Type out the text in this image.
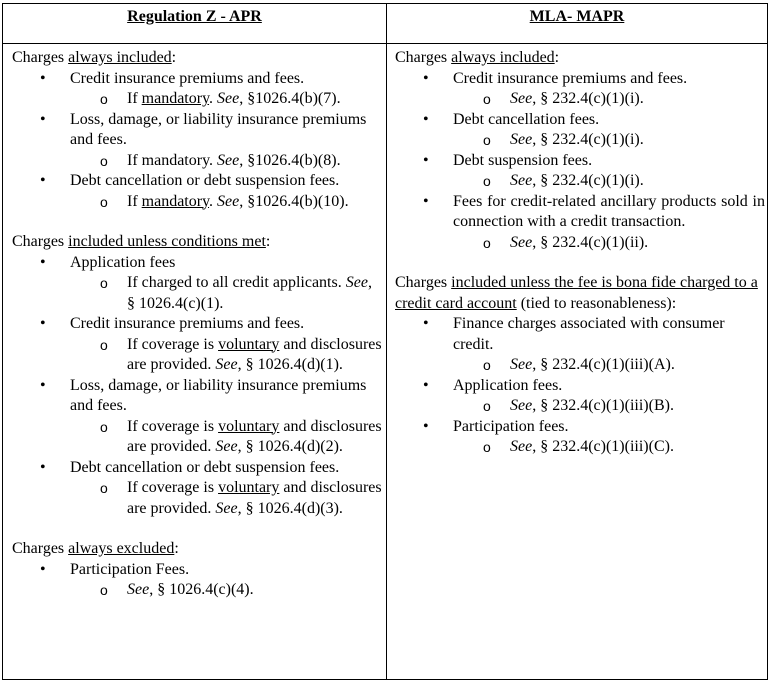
Regulation Z - APR	MLA- MAPR
Charges always included:
• Credit insurance premiums and fees.
o If mandatory. See, §1026.4(b)(7).
• Loss, damage, or liability insurance premiums and fees.
o If mandatory. See, §1026.4(b)(8).
• Debt cancellation or debt suspension fees.
o If mandatory. See, §1026.4(b)(10).
Charges included unless conditions met:
• Application fees
o If charged to all credit applicants. See, § 1026.4(c)(1).
• Credit insurance premiums and fees.
o If coverage is voluntary and disclosures are provided. See, § 1026.4(d)(1).
• Loss, damage, or liability insurance premiums and fees.
o If coverage is voluntary and disclosures are provided. See, § 1026.4(d)(2).
• Debt cancellation or debt suspension fees.
o If coverage is voluntary and disclosures are provided. See, § 1026.4(d)(3).
Charges always excluded:
• Participation Fees.
o See, § 1026.4(c)(4).
Charges always included:
• Credit insurance premiums and fees.
o See, § 232.4(c)(1)(i).
• Debt cancellation fees.
o See, § 232.4(c)(1)(i).
• Debt suspension fees.
o See, § 232.4(c)(1)(i).
• Fees for credit-related ancillary products sold in connection with a credit transaction.
o See, § 232.4(c)(1)(ii).
Charges included unless the fee is bona fide charged to a credit card account (tied to reasonableness):
• Finance charges associated with consumer credit.
o See, § 232.4(c)(1)(iii)(A).
• Application fees.
o See, § 232.4(c)(1)(iii)(B).
• Participation fees.
o See, § 232.4(c)(1)(iii)(C).
